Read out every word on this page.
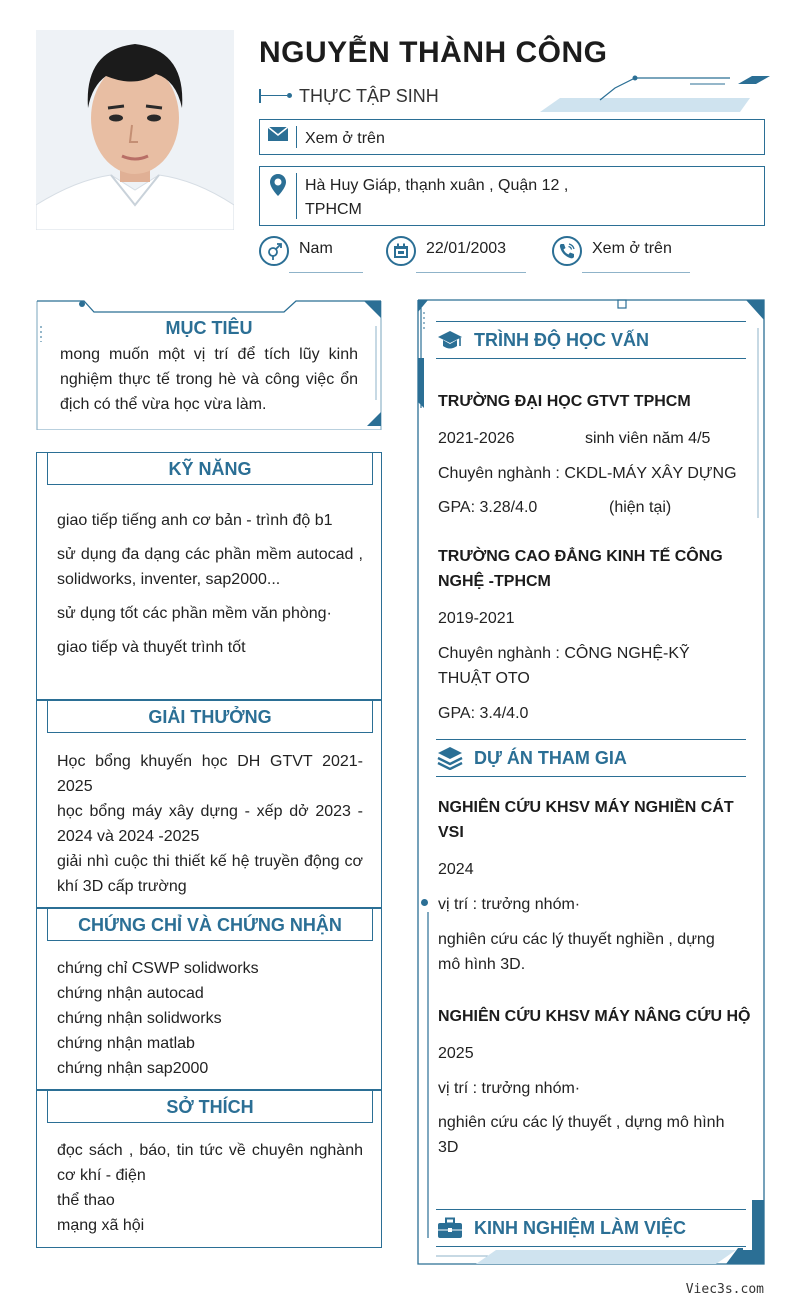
NGUYỄN THÀNH CÔNG
THỰC TẬP SINH
Xem ở trên
Hà Huy Giáp, thạnh xuân , Quận 12 ,
TPHCM
Nam	22/01/2003	Xem ở trên
MỤC TIÊU
mong muốn một vị trí để tích lũy kinh nghiệm thực tế trong hè và công việc ổn địch có thể vừa học vừa làm.
KỸ NĂNG

giao tiếp tiếng anh cơ bản - trình độ b1

sử dụng đa dạng các phần mềm autocad , solidworks, inventer, sap2000...

sử dụng tốt các phần mềm văn phòng·

giao tiếp và thuyết trình tốt

GIẢI THƯỞNG

Học bổng khuyến học DH GTVT 2021-2025

học bổng máy xây dựng - xếp dở 2023 - 2024 và 2024 -2025

giải nhì cuộc thi thiết kế hệ truyền động cơ khí 3D cấp trường

CHỨNG CHỈ VÀ CHỨNG NHẬN

chứng chỉ CSWP solidworks

chứng nhận autocad

chứng nhận solidworks

chứng nhận matlab

chứng nhận sap2000

SỞ THÍCH

đọc sách , báo, tin tức về chuyên nghành cơ khí - điện

thể thao

mạng xã hội

TRÌNH ĐỘ HỌC VẤN
TRƯỜNG ĐẠI HỌC GTVT TPHCM
2021-2026	sinh viên năm 4/5
Chuyên nghành : CKDL-MÁY XÂY DỰNG
GPA: 3.28/4.0	(hiện tại)
TRƯỜNG CAO ĐẲNG KINH TẾ CÔNG NGHỆ -TPHCM
2019-2021
Chuyên nghành : CÔNG NGHỆ-KỸ THUẬT OTO
GPA: 3.4/4.0
DỰ ÁN THAM GIA
NGHIÊN CỨU KHSV MÁY NGHIỀN CÁT VSI
2024
vị trí : trưởng nhóm·
nghiên cứu các lý thuyết nghiền , dựng mô hình 3D.
NGHIÊN CỨU KHSV MÁY NÂNG CỨU HỘ
2025
vị trí : trưởng nhóm·
nghiên cứu các lý thuyết , dựng mô hình 3D
KINH NGHIỆM LÀM VIỆC
Viec3s.com
